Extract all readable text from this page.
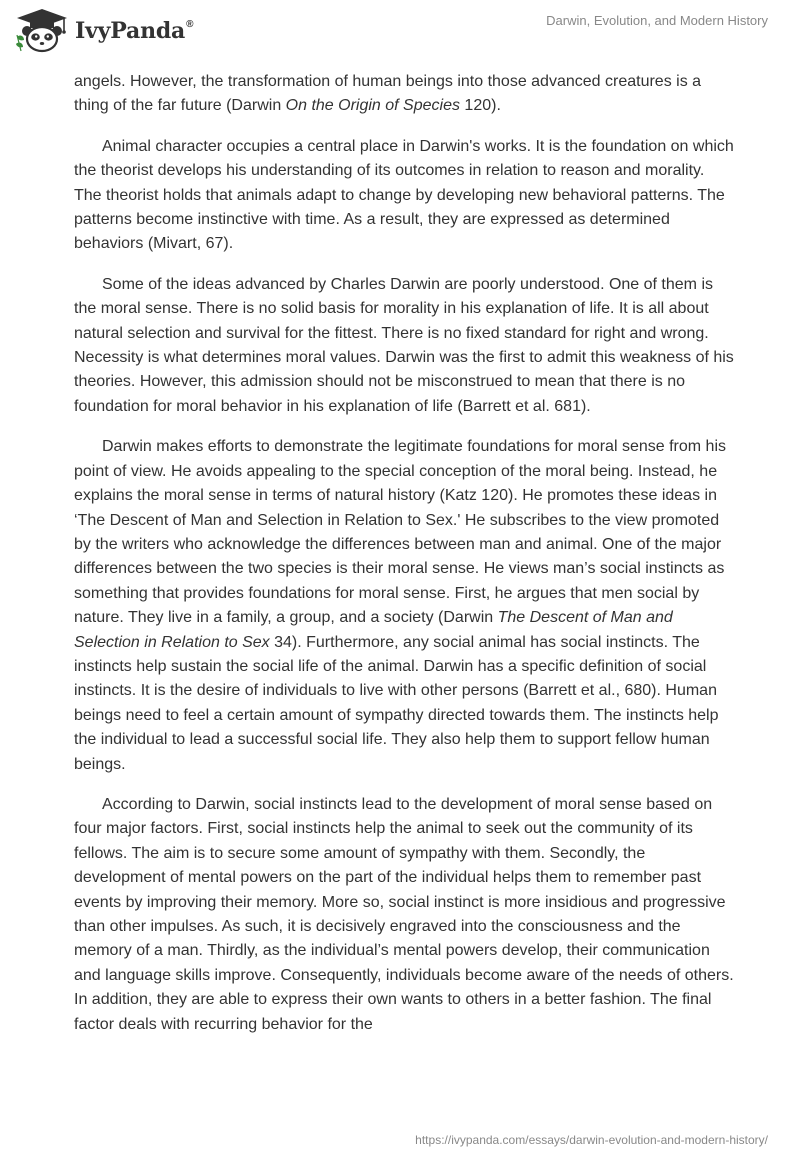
IvyPanda®	Darwin, Evolution, and Modern History

angels. However, the transformation of human beings into those advanced creatures is a thing of the far future (Darwin On the Origin of Species 120).

Animal character occupies a central place in Darwin's works. It is the foundation on which the theorist develops his understanding of its outcomes in relation to reason and morality. The theorist holds that animals adapt to change by developing new behavioral patterns. The patterns become instinctive with time. As a result, they are expressed as determined behaviors (Mivart, 67).

Some of the ideas advanced by Charles Darwin are poorly understood. One of them is the moral sense. There is no solid basis for morality in his explanation of life. It is all about natural selection and survival for the fittest. There is no fixed standard for right and wrong. Necessity is what determines moral values. Darwin was the first to admit this weakness of his theories. However, this admission should not be misconstrued to mean that there is no foundation for moral behavior in his explanation of life (Barrett et al. 681).

Darwin makes efforts to demonstrate the legitimate foundations for moral sense from his point of view. He avoids appealing to the special conception of the moral being. Instead, he explains the moral sense in terms of natural history (Katz 120). He promotes these ideas in ‘The Descent of Man and Selection in Relation to Sex.' He subscribes to the view promoted by the writers who acknowledge the differences between man and animal. One of the major differences between the two species is their moral sense. He views man’s social instincts as something that provides foundations for moral sense. First, he argues that men social by nature. They live in a family, a group, and a society (Darwin The Descent of Man and Selection in Relation to Sex 34). Furthermore, any social animal has social instincts. The instincts help sustain the social life of the animal. Darwin has a specific definition of social instincts. It is the desire of individuals to live with other persons (Barrett et al., 680). Human beings need to feel a certain amount of sympathy directed towards them. The instincts help the individual to lead a successful social life. They also help them to support fellow human beings.

According to Darwin, social instincts lead to the development of moral sense based on four major factors. First, social instincts help the animal to seek out the community of its fellows. The aim is to secure some amount of sympathy with them. Secondly, the development of mental powers on the part of the individual helps them to remember past events by improving their memory. More so, social instinct is more insidious and progressive than other impulses. As such, it is decisively engraved into the consciousness and the memory of a man. Thirdly, as the individual’s mental powers develop, their communication and language skills improve. Consequently, individuals become aware of the needs of others. In addition, they are able to express their own wants to others in a better fashion. The final factor deals with recurring behavior for the

https://ivypanda.com/essays/darwin-evolution-and-modern-history/
